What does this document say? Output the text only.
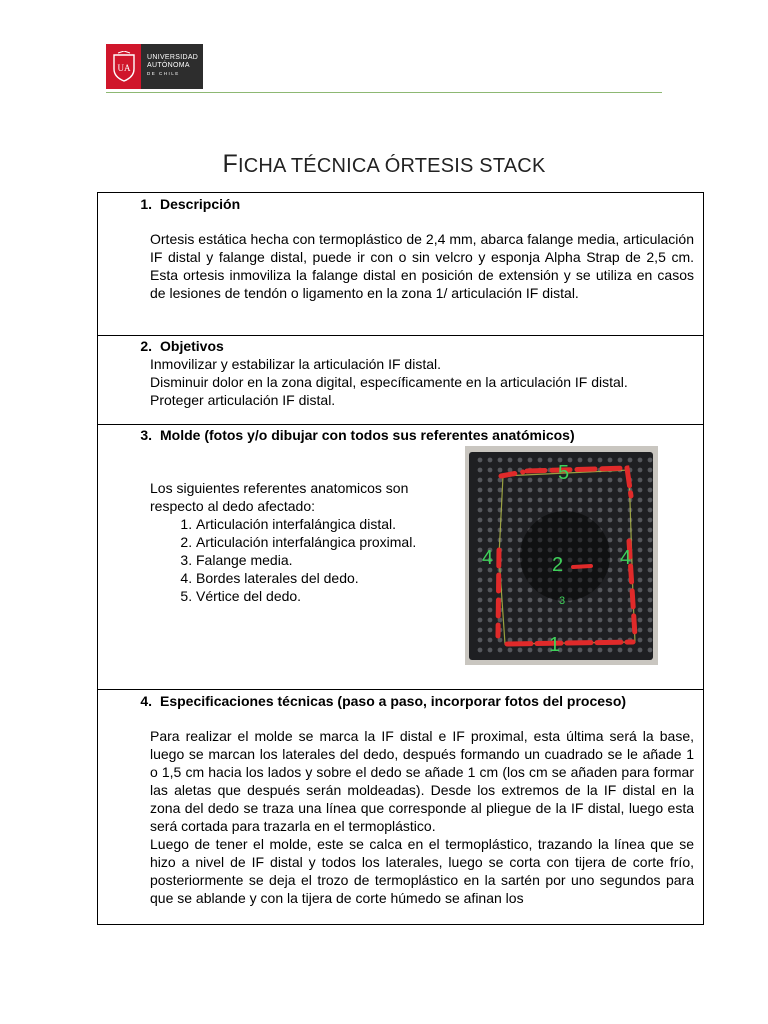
UA
UNIVERSIDAD
AUTÓNOMA
DE CHILE
FICHA TÉCNICA ÓRTESIS STACK
1. Descripción
Ortesis estática hecha con termoplástico de 2,4 mm, abarca falange media, articulación IF distal y falange distal, puede ir con o sin velcro y esponja Alpha Strap de 2,5 cm. Esta ortesis inmoviliza la falange distal en posición de extensión y se utiliza en casos de lesiones de tendón o ligamento en la zona 1/ articulación IF distal.

2. Objetivos
Inmovilizar y estabilizar la articulación IF distal.
Disminuir dolor en la zona digital, específicamente en la articulación IF distal.
Proteger articulación IF distal.

3. Molde (fotos y/o dibujar con todos sus referentes anatómicos)
Los siguientes referentes anatomicos son respecto al dedo afectado:
1. Articulación interfalángica distal.
2. Articulación interfalángica proximal.
3. Falange media.
4. Bordes laterales del dedo.
5. Vértice del dedo.
5
4	4
2
3
1

4. Especificaciones técnicas (paso a paso, incorporar fotos del proceso)
Para realizar el molde se marca la IF distal e IF proximal, esta última será la base, luego se marcan los laterales del dedo, después formando un cuadrado se le añade 1 o 1,5 cm hacia los lados y sobre el dedo se añade 1 cm (los cm se añaden para formar las aletas que después serán moldeadas). Desde los extremos de la IF distal en la zona del dedo se traza una línea que corresponde al pliegue de la IF distal, luego esta será cortada para trazarla en el termoplástico.
Luego de tener el molde, este se calca en el termoplástico, trazando la línea que se hizo a nivel de IF distal y todos los laterales, luego se corta con tijera de corte frío, posteriormente se deja el trozo de termoplástico en la sartén por uno segundos para que se ablande y con la tijera de corte húmedo se afinan los
